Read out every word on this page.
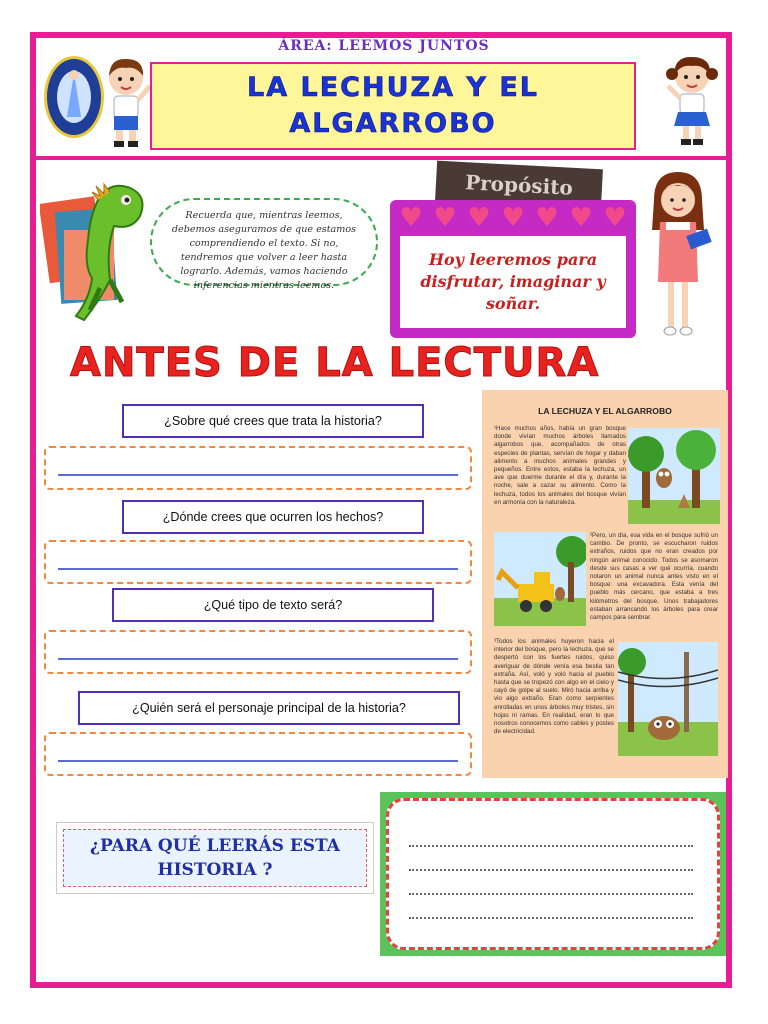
ÁREA: LEEMOS JUNTOS
LA LECHUZA Y EL
ALGARROBO
Recuerda que, mientras leemos, debemos aseguramos de que estamos comprendiendo el texto. Si no, tendremos que volver a leer hasta lograrlo. Además, vamos haciendo inferencias mientras leemos.
Propósito
♥ ♥ ♥ ♥ ♥ ♥ ♥
Hoy leeremos para disfrutar, imaginar y soñar.
ANTES DE LA LECTURA
¿Sobre qué crees que trata la historia?
¿Dónde crees que ocurren los hechos?
¿Qué tipo de texto será?
¿Quién será el personaje principal de la historia?
LA LECHUZA Y EL ALGARROBO
¹Hace muchos años, había un gran bosque donde vivían muchos árboles llamados algarrobos que, acompañados de otras especies de plantas, servían de hogar y daban alimento a muchos animales grandes y pequeños. Entre estos, estaba la lechuza, un ave que duerme durante el día y, durante la noche, sale a cazar su alimento. Como la lechuza, todos los animales del bosque vivían en armonía con la naturaleza.
²Pero, un día, esa vida en el bosque sufrió un cambio. De pronto, se escucharon ruidos extraños, ruidos que no eran creados por ningún animal conocido. Todos se asomaron desde sus casas a ver qué ocurría, cuando notaron un animal nunca antes visto en el bosque: una excavadora. Esta venía del pueblo más cercano, que estaba a tres kilómetros del bosque. Unos trabajadores estaban arrancando los árboles para crear campos para sembrar.
³Todos los animales huyeron hacia el interior del bosque, pero la lechuza, que se despertó con los fuertes ruidos, quiso averiguar de dónde venía esa bestia tan extraña. Así, voló y voló hacia el pueblo hasta que se tropezó con algo en el cielo y cayó de golpe al suelo. Miró hacia arriba y vio algo extraño. Eran como serpientes enrolladas en unos árboles muy tristes, sin hojas ni ramas. En realidad, eran lo que nosotros conocemos como cables y postes de electricidad.
¿PARA QUÉ LEERÁS ESTA
HISTORIA ?
